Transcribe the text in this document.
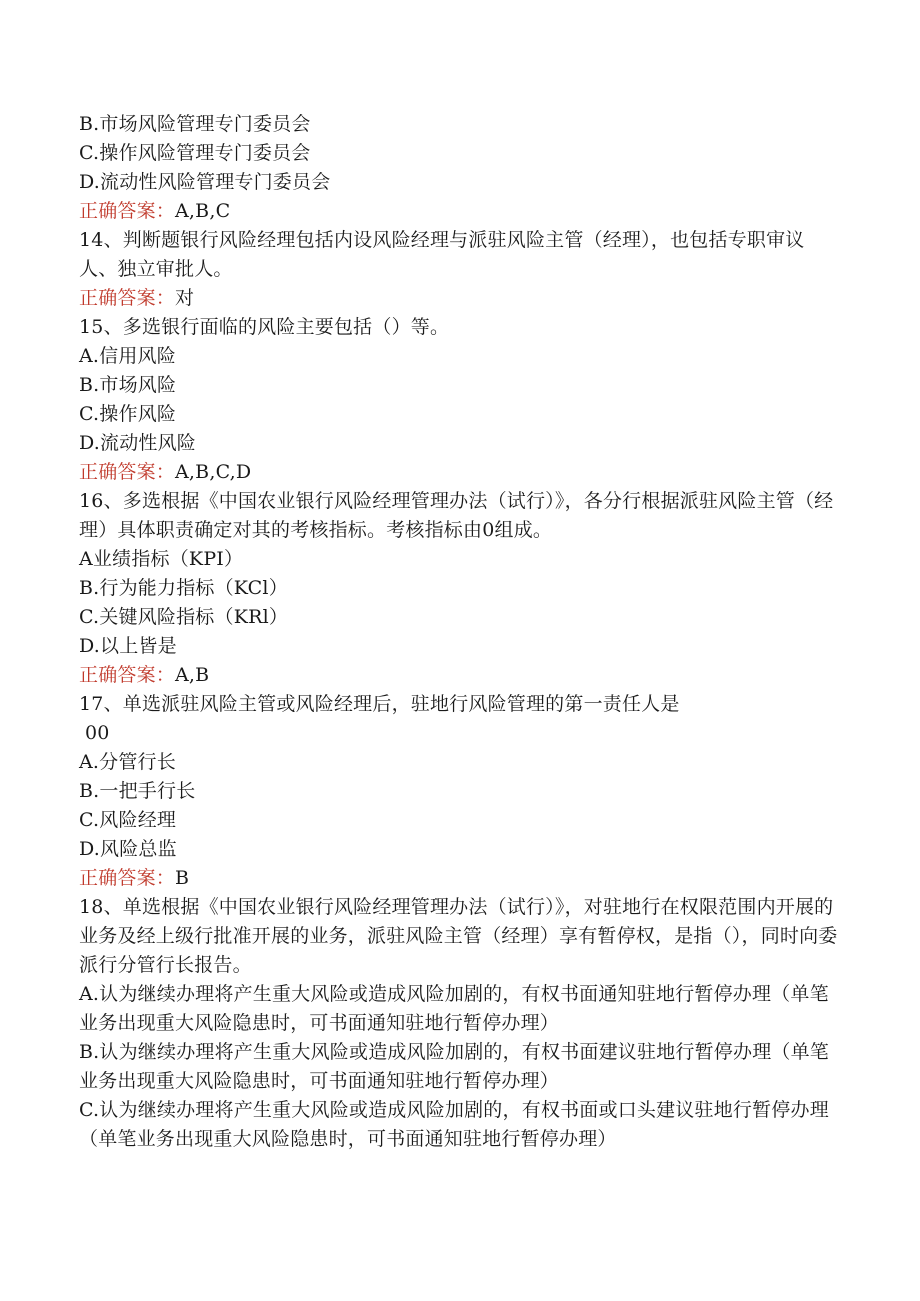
B.市场风险管理专门委员会
C.操作风险管理专门委员会
D.流动性风险管理专门委员会
正确答案：A,B,C
14、判断题银行风险经理包括内设风险经理与派驻风险主管（经理），也包括专职审议人、独立审批人。
正确答案：对
15、多选银行面临的风险主要包括（）等。
A.信用风险
B.市场风险
C.操作风险
D.流动性风险
正确答案：A,B,C,D
16、多选根据《中国农业银行风险经理管理办法（试行）》，各分行根据派驻风险主管（经理）具体职责确定对其的考核指标。考核指标由0组成。
A业绩指标（KPI）
B.行为能力指标（KCl）
C.关键风险指标（KRl）
D.以上皆是
正确答案：A,B
17、单选派驻风险主管或风险经理后，驻地行风险管理的第一责任人是
00
A.分管行长
B.一把手行长
C.风险经理
D.风险总监
正确答案：B
18、单选根据《中国农业银行风险经理管理办法（试行）》，对驻地行在权限范围内开展的业务及经上级行批准开展的业务，派驻风险主管（经理）享有暂停权，是指（），同时向委派行分管行长报告。
A.认为继续办理将产生重大风险或造成风险加剧的，有权书面通知驻地行暂停办理（单笔业务出现重大风险隐患时，可书面通知驻地行暂停办理）
B.认为继续办理将产生重大风险或造成风险加剧的，有权书面建议驻地行暂停办理（单笔业务出现重大风险隐患时，可书面通知驻地行暂停办理）
C.认为继续办理将产生重大风险或造成风险加剧的，有权书面或口头建议驻地行暂停办理（单笔业务出现重大风险隐患时，可书面通知驻地行暂停办理）
